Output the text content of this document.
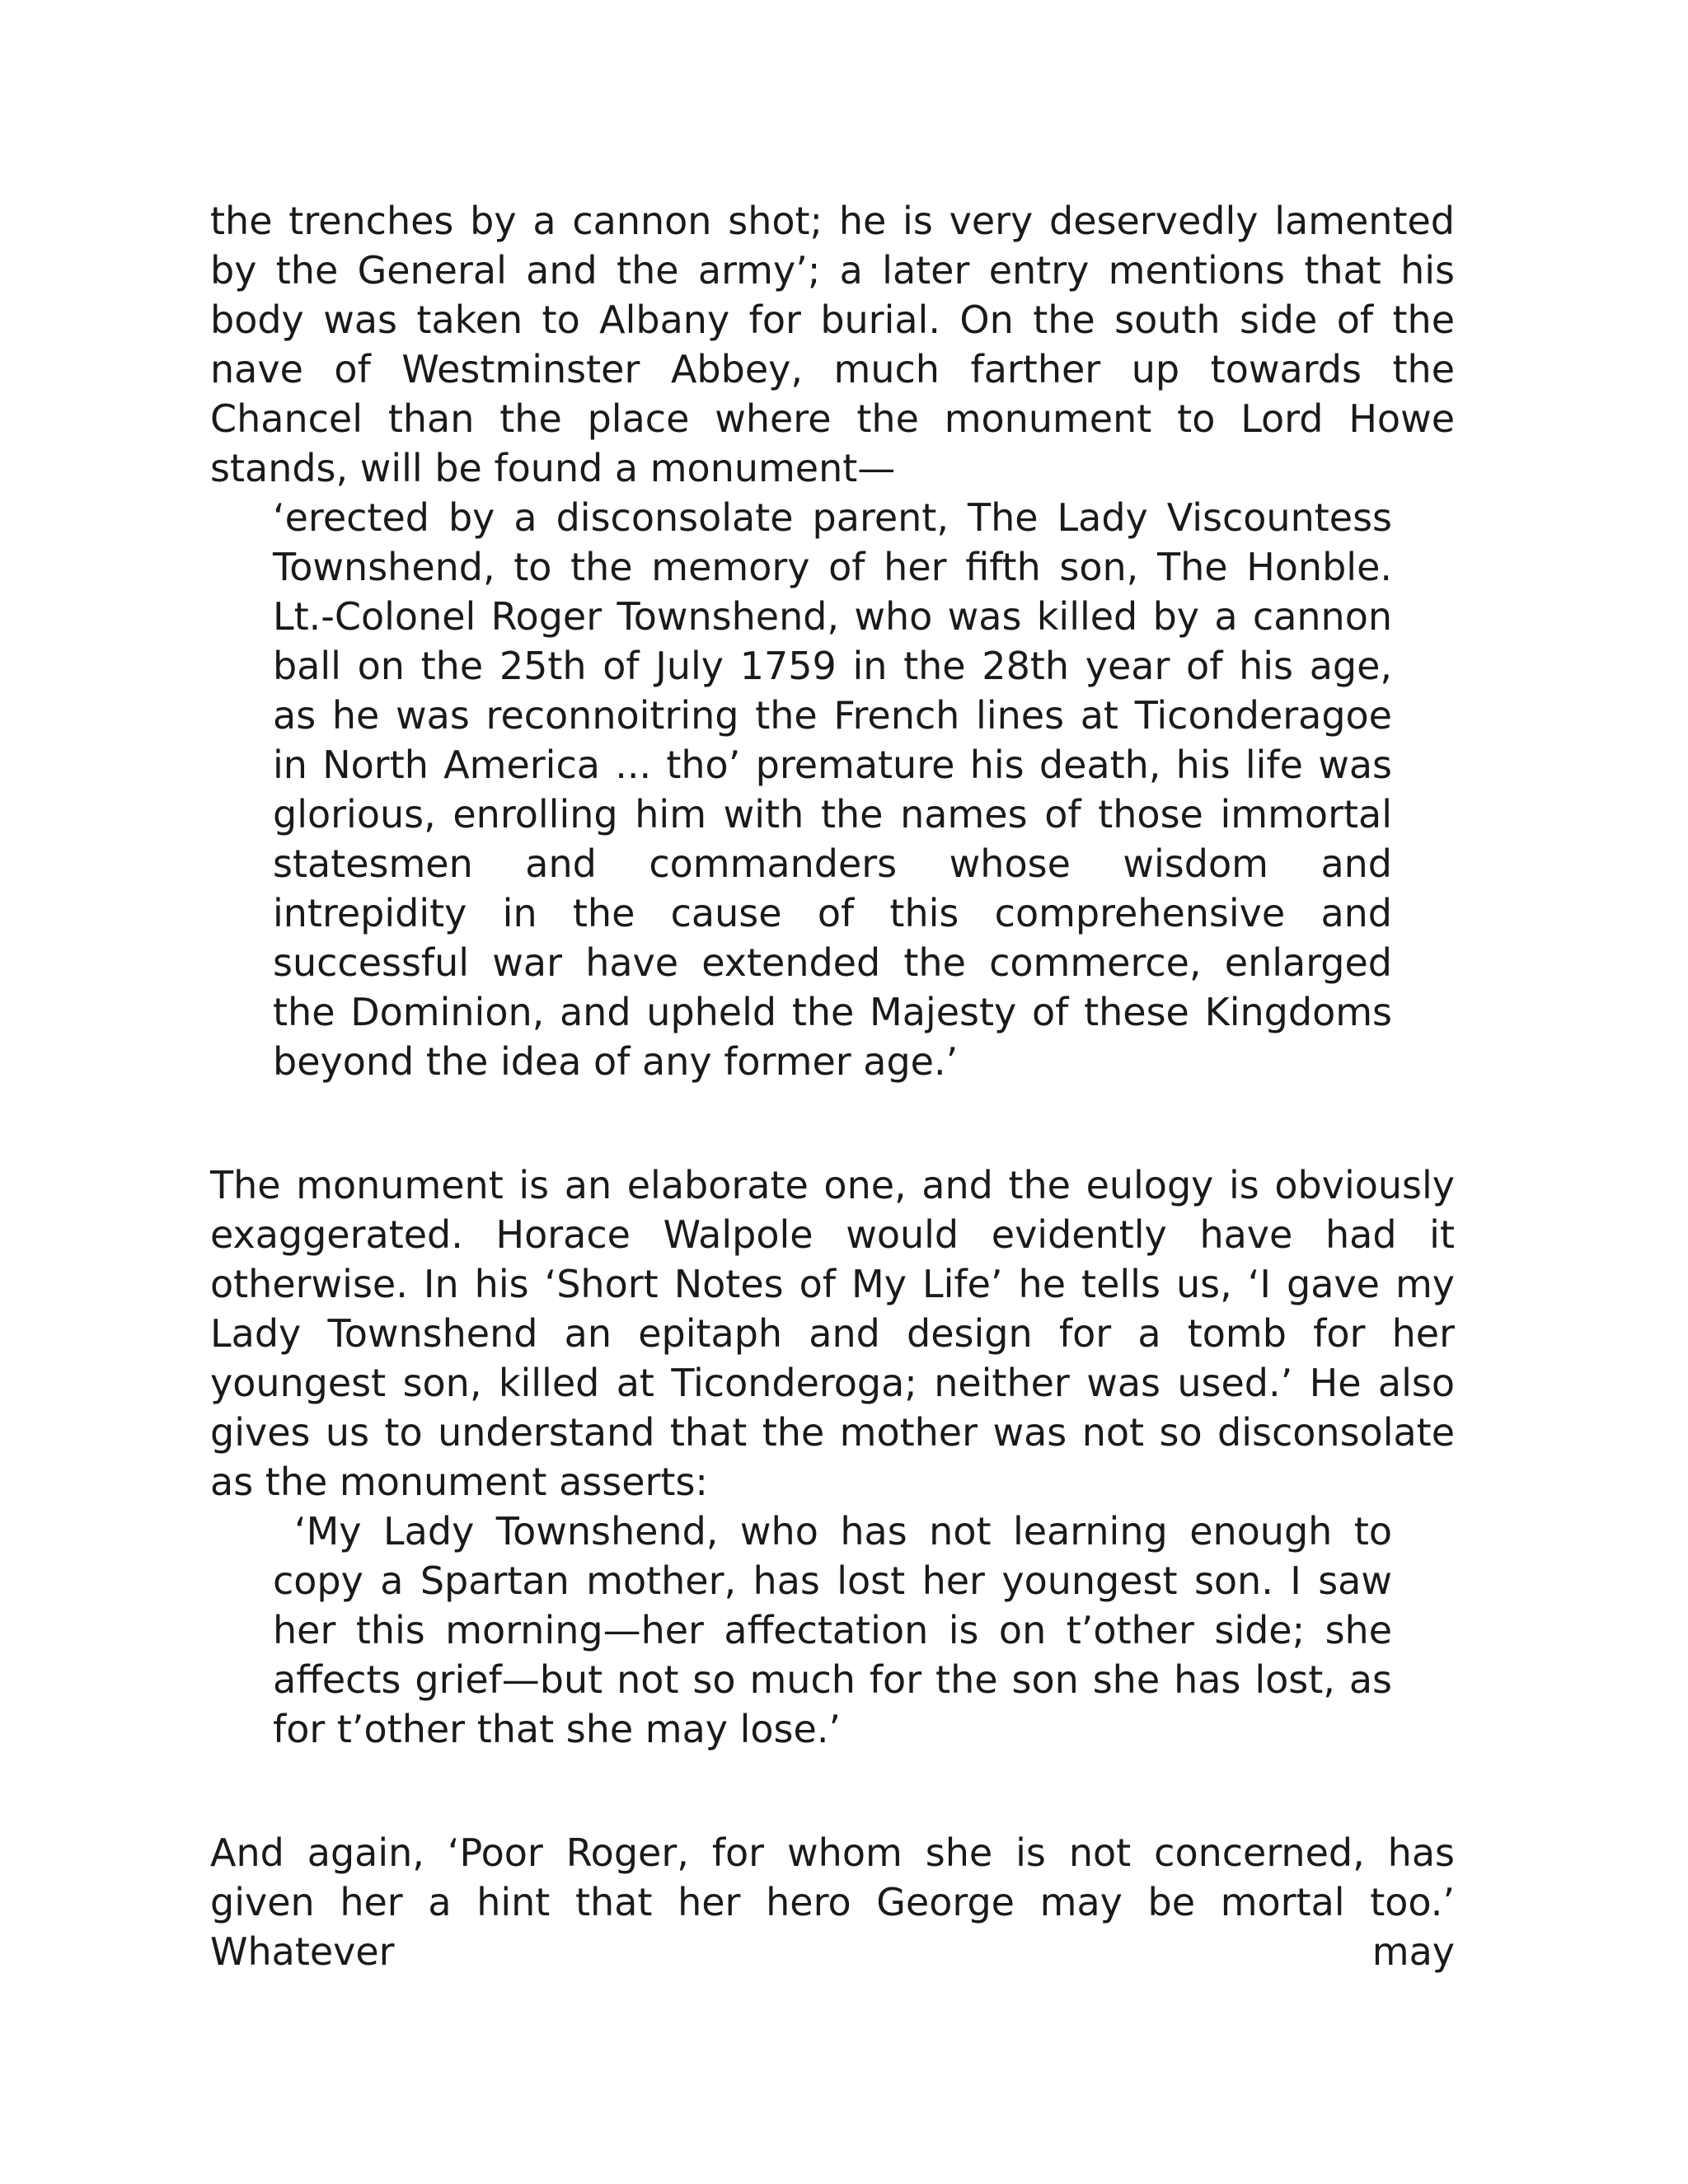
the trenches by a cannon shot; he is very deservedly lamented by the General and the army’; a later entry mentions that his body was taken to Albany for burial. On the south side of the nave of Westminster Abbey, much farther up towards the Chancel than the place where the monument to Lord Howe stands, will be found a monument—

‘erected by a disconsolate parent, The Lady Viscountess Townshend, to the memory of her fifth son, The Honble. Lt.-Colonel Roger Townshend, who was killed by a cannon ball on the 25th of July 1759 in the 28th year of his age, as he was reconnoitring the French lines at Ticonderagoe in North America ... tho’ premature his death, his life was glorious, enrolling him with the names of those immortal statesmen and commanders whose wisdom and intrepidity in the cause of this comprehensive and successful war have extended the commerce, enlarged the Dominion, and upheld the Majesty of these Kingdoms beyond the idea of any former age.’

The monument is an elaborate one, and the eulogy is obviously exaggerated. Horace Walpole would evidently have had it otherwise. In his ‘Short Notes of My Life’ he tells us, ‘I gave my Lady Townshend an epitaph and design for a tomb for her youngest son, killed at Ticonderoga; neither was used.’ He also gives us to understand that the mother was not so disconsolate as the monument asserts:

‘My Lady Townshend, who has not learning enough to copy a Spartan mother, has lost her youngest son. I saw her this morning—her affectation is on t’other side; she affects grief—but not so much for the son she has lost, as for t’other that she may lose.’

And again, ‘Poor Roger, for whom she is not concerned, has given her a hint that her hero George may be mortal too.’ Whatever may
